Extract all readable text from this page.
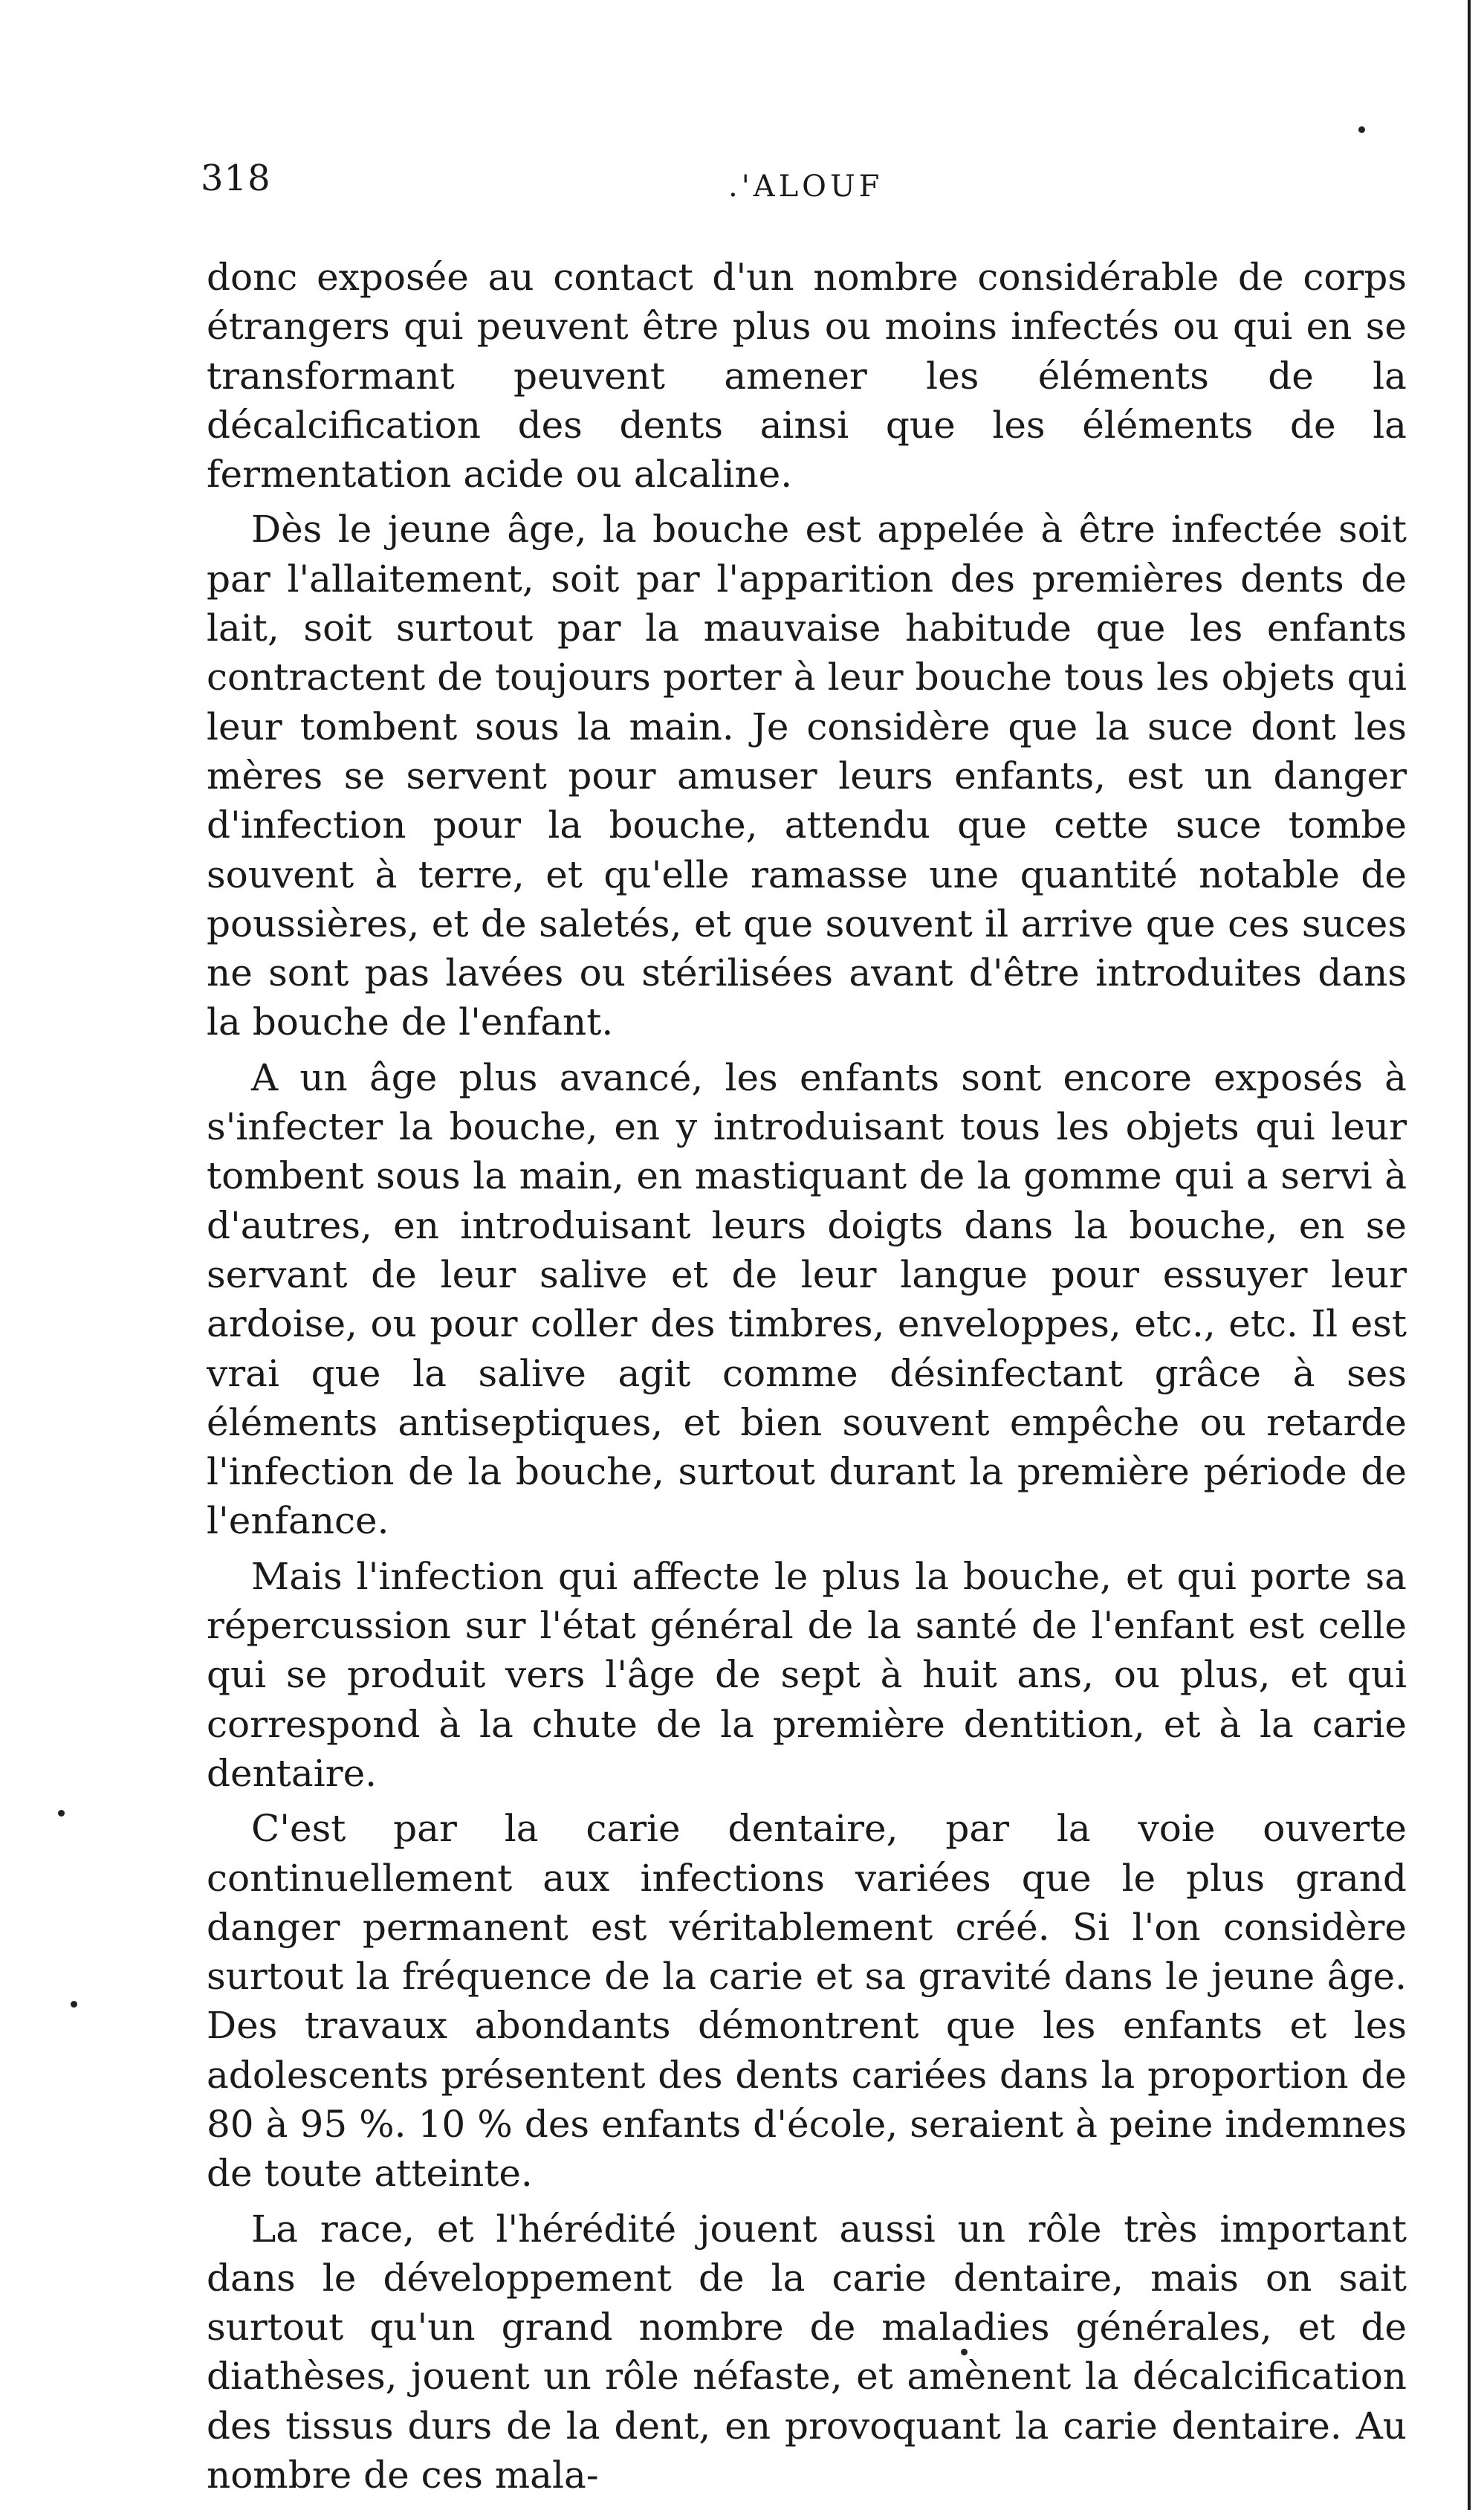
318	.'ALOUF

donc exposée au contact d'un nombre considérable de corps étrangers qui peuvent être plus ou moins infectés ou qui en se transformant peuvent amener les éléments de la décalcification des dents ainsi que les éléments de la fermentation acide ou alcaline.

Dès le jeune âge, la bouche est appelée à être infectée soit par l'allaitement, soit par l'apparition des premières dents de lait, soit surtout par la mauvaise habitude que les enfants contractent de toujours porter à leur bouche tous les objets qui leur tombent sous la main. Je considère que la suce dont les mères se servent pour amuser leurs enfants, est un danger d'infection pour la bouche, attendu que cette suce tombe souvent à terre, et qu'elle ramasse une quantité notable de poussières, et de saletés, et que souvent il arrive que ces suces ne sont pas lavées ou stérilisées avant d'être introduites dans la bouche de l'enfant.

A un âge plus avancé, les enfants sont encore exposés à s'infecter la bouche, en y introduisant tous les objets qui leur tombent sous la main, en mastiquant de la gomme qui a servi à d'autres, en introduisant leurs doigts dans la bouche, en se servant de leur salive et de leur langue pour essuyer leur ardoise, ou pour coller des timbres, enveloppes, etc., etc. Il est vrai que la salive agit comme désinfectant grâce à ses éléments antiseptiques, et bien souvent empêche ou retarde l'infection de la bouche, surtout durant la première période de l'enfance.

Mais l'infection qui affecte le plus la bouche, et qui porte sa répercussion sur l'état général de la santé de l'enfant est celle qui se produit vers l'âge de sept à huit ans, ou plus, et qui correspond à la chute de la première dentition, et à la carie dentaire.

C'est par la carie dentaire, par la voie ouverte continuellement aux infections variées que le plus grand danger permanent est véritablement créé. Si l'on considère surtout la fréquence de la carie et sa gravité dans le jeune âge. Des travaux abondants démontrent que les enfants et les adolescents présentent des dents cariées dans la proportion de 80 à 95 %. 10 % des enfants d'école, seraient à peine indemnes de toute atteinte.

La race, et l'hérédité jouent aussi un rôle très important dans le développement de la carie dentaire, mais on sait surtout qu'un grand nombre de maladies générales, et de diathèses, jouent un rôle néfaste, et amènent la décalcification des tissus durs de la dent, en provoquant la carie dentaire. Au nombre de ces mala-
